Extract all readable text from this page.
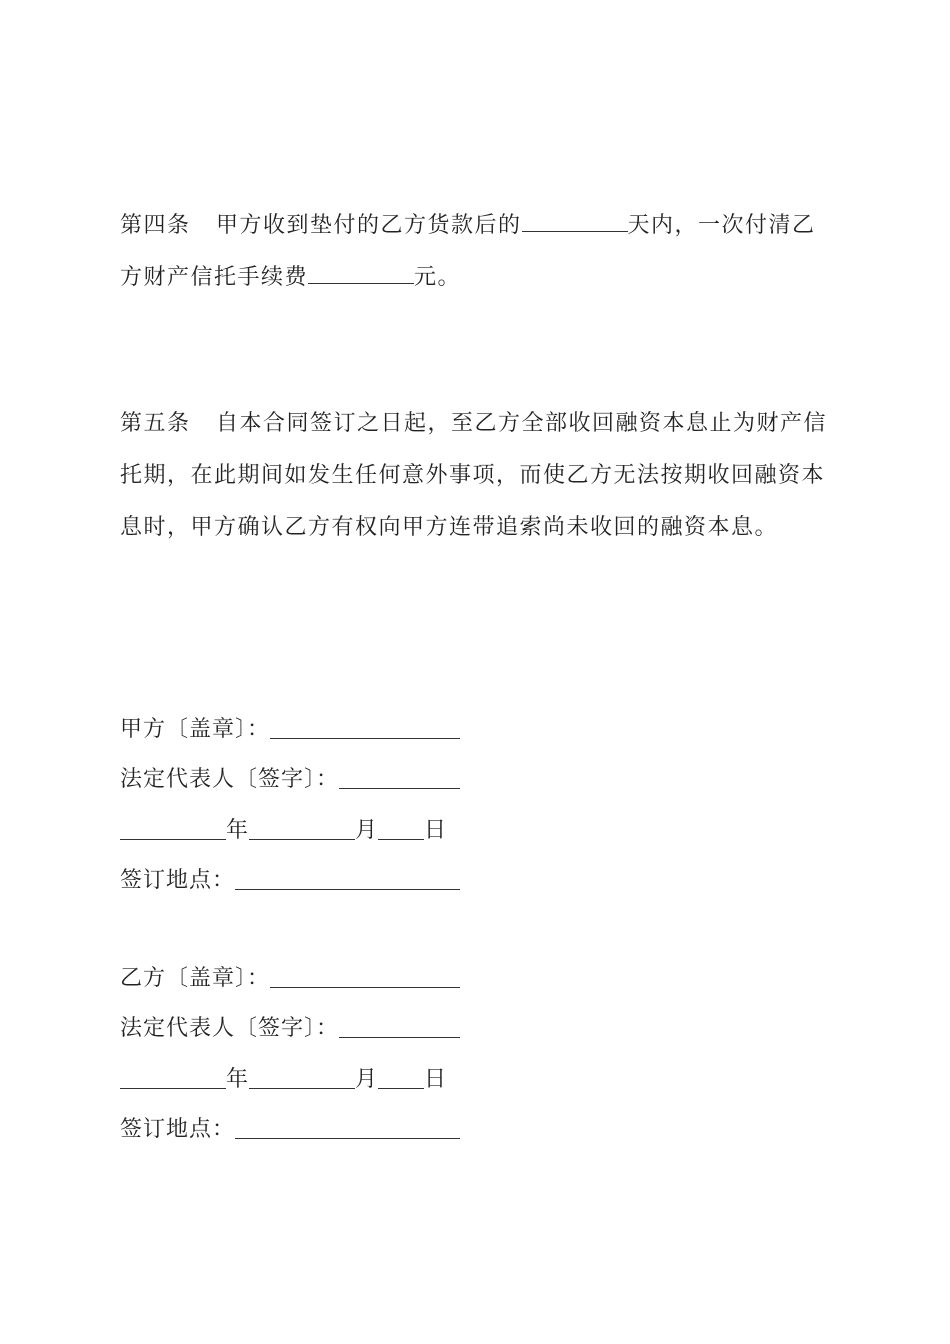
第四条 甲方收到垫付的乙方货款后的	天内，一次付清乙方财产信托手续费	元。

第五条 自本合同签订之日起，至乙方全部收回融资本息止为财产信托期，在此期间如发生任何意外事项，而使乙方无法按期收回融资本息时，甲方确认乙方有权向甲方连带追索尚未收回的融资本息。

甲方〔盖章〕：
法定代表人〔签字〕：
年	月 日
签订地点：
乙方〔盖章〕：
法定代表人〔签字〕：
年	月 日
签订地点：
